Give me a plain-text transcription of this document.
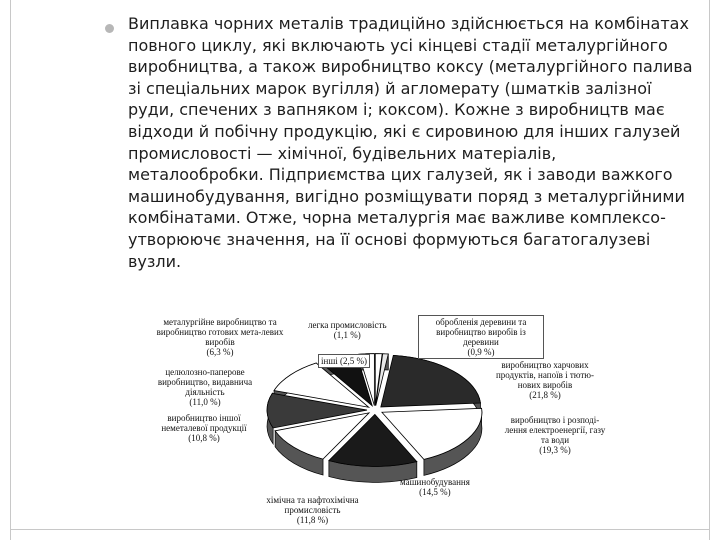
Виплавка чорних металів традиційно здійснюється на комбінатах повного циклу, які включають усі кінцеві стадії металургійного виробництва, а також виробництво коксу (металургійного палива зі спеціальних марок вугілля) й агломерату (шматків залізної руди, спечених з вапняком і; коксом). Кожне з виробництв має відходи й побічну продукцію, які є сировиною для інших галузей промисловості — хімічної, будівельних матеріалів, металообробки. Підприємства цих галузей, як і заводи важкого машинобудування, вигідно розміщувати поряд з металургійними комбінатами. Отже, чорна металургія має важливе комплексо-утворюючє значення, на її основі формуються багатогалузеві вузли.
металургійне виробництво та виробництво готових мета-левих виробів
(6,3 %)
легка промисловість
(1,1 %)
обробленія деревини та виробництво виробів із деревини
(0,9 %)
інші (2,5 %)
целюлозно-паперове виробництво, видавнича діяльність
(11,0 %)
виробництво харчових продуктів, напоїв і тютю-нових виробів
(21,8 %)
виробництво іншої неметалевої продукції
(10,8 %)
виробництво і розподі-лення електроенергії, газу та води
(19,3 %)
хімічна та нафтохімічна промисловість
(11,8 %)
машинобудування
(14,5 %)
